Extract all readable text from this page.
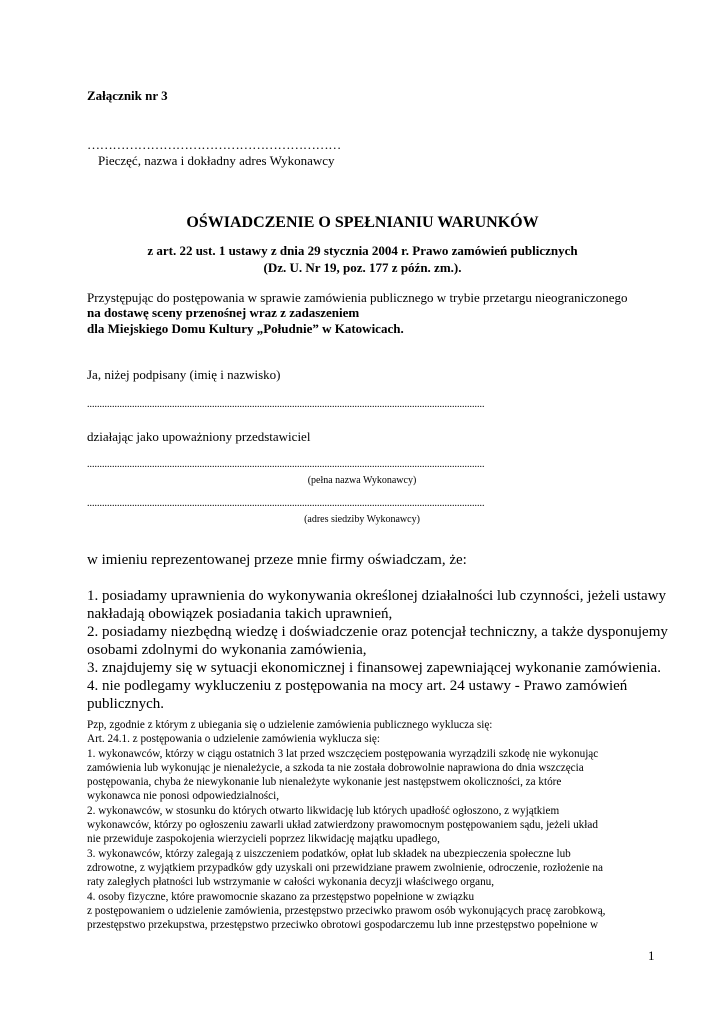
Załącznik nr 3
……………………………………………………
Pieczęć, nazwa i dokładny adres Wykonawcy
OŚWIADCZENIE O SPEŁNIANIU WARUNKÓW
z art. 22 ust. 1 ustawy z dnia 29 stycznia 2004 r. Prawo zamówień publicznych
(Dz. U. Nr 19, poz. 177 z późn. zm.).
Przystępując do postępowania w sprawie zamówienia publicznego w trybie przetargu nieograniczonego
na dostawę sceny przenośnej wraz z zadaszeniem
dla Miejskiego Domu Kultury „Południe” w Katowicach.
Ja, niżej podpisany (imię i nazwisko)
...............................................................................................................................................................
działając jako upoważniony przedstawiciel
...............................................................................................................................................................
(pełna nazwa Wykonawcy)
...............................................................................................................................................................
(adres siedziby Wykonawcy)
w imieniu reprezentowanej przeze mnie firmy oświadczam, że:
1. posiadamy uprawnienia do wykonywania określonej działalności lub czynności, jeżeli ustawy
nakładają obowiązek posiadania takich uprawnień,
2. posiadamy niezbędną wiedzę i doświadczenie oraz potencjał techniczny, a także dysponujemy
osobami zdolnymi do wykonania zamówienia,
3. znajdujemy się w sytuacji ekonomicznej i finansowej zapewniającej wykonanie zamówienia.
4. nie podlegamy wykluczeniu z postępowania na mocy art. 24 ustawy - Prawo zamówień
publicznych.
Pzp, zgodnie z którym z ubiegania się o udzielenie zamówienia publicznego wyklucza się:
Art. 24.1. z postępowania o udzielenie zamówienia wyklucza się:
1. wykonawców, którzy w ciągu ostatnich 3 lat przed wszczęciem postępowania wyrządzili szkodę nie wykonując
zamówienia lub wykonując je nienależycie, a szkoda ta nie została dobrowolnie naprawiona do dnia wszczęcia
postępowania, chyba że niewykonanie lub nienależyte wykonanie jest następstwem okoliczności, za które
wykonawca nie ponosi odpowiedzialności,
2. wykonawców, w stosunku do których otwarto likwidację lub których upadłość ogłoszono, z wyjątkiem
wykonawców, którzy po ogłoszeniu zawarli układ zatwierdzony prawomocnym postępowaniem sądu, jeżeli układ
nie przewiduje zaspokojenia wierzycieli poprzez likwidację majątku upadłego,
3. wykonawców, którzy zalegają z uiszczeniem podatków, opłat lub składek na ubezpieczenia społeczne lub
zdrowotne, z wyjątkiem przypadków gdy uzyskali oni przewidziane prawem zwolnienie, odroczenie, rozłożenie na
raty zaległych płatności lub wstrzymanie w całości wykonania decyzji właściwego organu,
4. osoby fizyczne, które prawomocnie skazano za przestępstwo popełnione w związku
z postępowaniem o udzielenie zamówienia, przestępstwo przeciwko prawom osób wykonujących pracę zarobkową,
przestępstwo przekupstwa, przestępstwo przeciwko obrotowi gospodarczemu lub inne przestępstwo popełnione w
1
